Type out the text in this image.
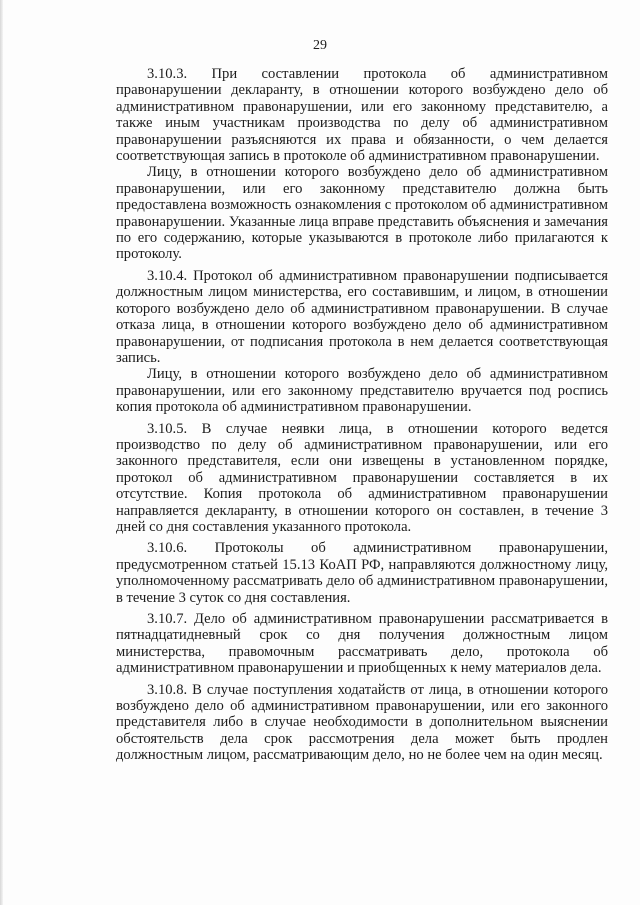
29

3.10.3. При составлении протокола об административном правонарушении декларанту, в отношении которого возбуждено дело об административном правонарушении, или его законному представителю, а также иным участникам производства по делу об административном правонарушении разъясняются их права и обязанности, о чем делается соответствующая запись в протоколе об административном правонарушении.

Лицу, в отношении которого возбуждено дело об административном правонарушении, или его законному представителю должна быть предоставлена возможность ознакомления с протоколом об административном правонарушении. Указанные лица вправе представить объяснения и замечания по его содержанию, которые указываются в протоколе либо прилагаются к протоколу.

3.10.4. Протокол об административном правонарушении подписывается должностным лицом министерства, его составившим, и лицом, в отношении которого возбуждено дело об административном правонарушении. В случае отказа лица, в отношении которого возбуждено дело об административном правонарушении, от подписания протокола в нем делается соответствующая запись.

Лицу, в отношении которого возбуждено дело об административном правонарушении, или его законному представителю вручается под роспись копия протокола об административном правонарушении.

3.10.5. В случае неявки лица, в отношении которого ведется производство по делу об административном правонарушении, или его законного представителя, если они извещены в установленном порядке, протокол об административном правонарушении составляется в их отсутствие. Копия протокола об административном правонарушении направляется декларанту, в отношении которого он составлен, в течение 3 дней со дня составления указанного протокола.

3.10.6. Протоколы об административном правонарушении, предусмотренном статьей 15.13 КоАП РФ, направляются должностному лицу, уполномоченному рассматривать дело об административном правонарушении, в течение 3 суток со дня составления.

3.10.7. Дело об административном правонарушении рассматривается в пятнадцатидневный срок со дня получения должностным лицом министерства, правомочным рассматривать дело, протокола об административном правонарушении и приобщенных к нему материалов дела.

3.10.8. В случае поступления ходатайств от лица, в отношении которого возбуждено дело об административном правонарушении, или его законного представителя либо в случае необходимости в дополнительном выяснении обстоятельств дела срок рассмотрения дела может быть продлен должностным лицом, рассматривающим дело, но не более чем на один месяц.
